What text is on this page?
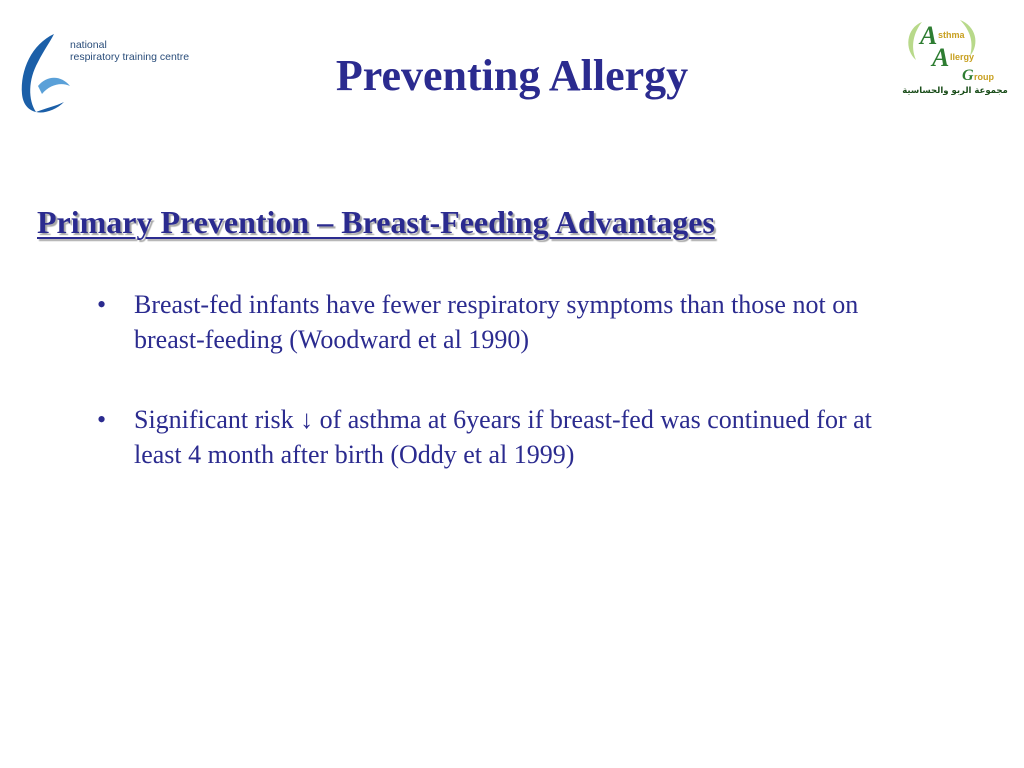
national
respiratory training centre
A sthma
A llergy
G roup
مجموعة الربو والحساسية
Preventing Allergy
Primary Prevention – Breast-Feeding Advantages
• Breast-fed infants have fewer respiratory symptoms than those not on breast-feeding (Woodward et al 1990)
• Significant risk ↓ of asthma at 6years if breast-fed was continued for at least 4 month after birth (Oddy et al 1999)
